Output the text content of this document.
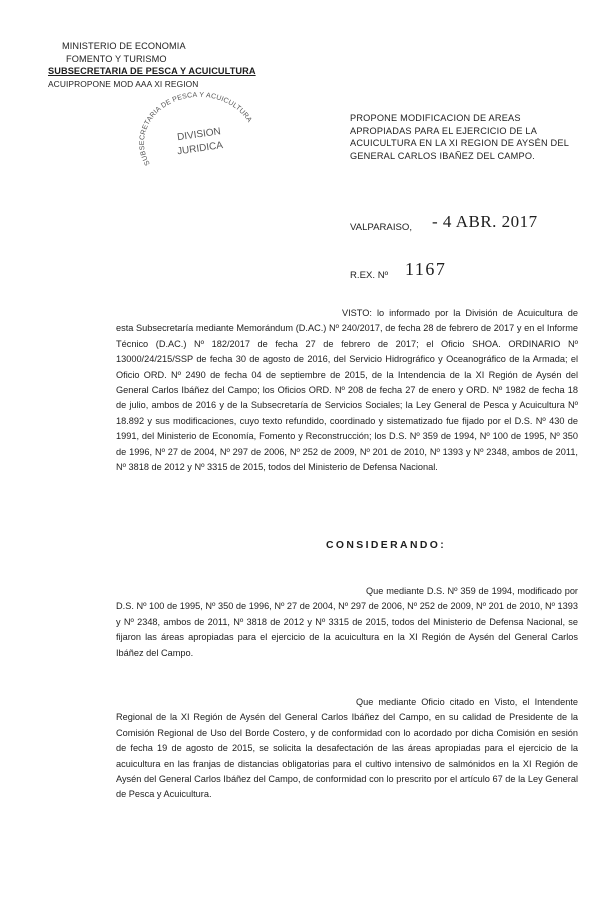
MINISTERIO DE ECONOMIA
FOMENTO Y TURISMO
SUBSECRETARIA DE PESCA Y ACUICULTURA
ACUIPROPONE MOD AAA XI REGION
SUBSECRETARIA DE PESCA Y ACUICULTURA
DIVISION
JURIDICA
PROPONE MODIFICACION DE AREAS APROPIADAS PARA EL EJERCICIO DE LA ACUICULTURA EN LA XI REGION DE AYSÉN DEL GENERAL CARLOS IBAÑEZ DEL CAMPO.
VALPARAISO, - 4 ABR. 2017
R.EX. Nº 1167
VISTO: lo informado por la División de Acuicultura de esta Subsecretaría mediante Memorándum (D.AC.) Nº 240/2017, de fecha 28 de febrero de 2017 y en el Informe Técnico (D.AC.) Nº 182/2017 de fecha 27 de febrero de 2017; el Oficio SHOA. ORDINARIO Nº 13000/24/215/SSP de fecha 30 de agosto de 2016, del Servicio Hidrográfico y Oceanográfico de la Armada; el Oficio ORD. Nº 2490 de fecha 04 de septiembre de 2015, de la Intendencia de la XI Región de Aysén del General Carlos Ibáñez del Campo; los Oficios ORD. Nº 208 de fecha 27 de enero y ORD. Nº 1982 de fecha 18 de julio, ambos de 2016 y de la Subsecretaría de Servicios Sociales; la Ley General de Pesca y Acuicultura Nº 18.892 y sus modificaciones, cuyo texto refundido, coordinado y sistematizado fue fijado por el D.S. Nº 430 de 1991, del Ministerio de Economía, Fomento y Reconstrucción; los D.S. Nº 359 de 1994, Nº 100 de 1995, Nº 350 de 1996, Nº 27 de 2004, Nº 297 de 2006, Nº 252 de 2009, Nº 201 de 2010, Nº 1393 y Nº 2348, ambos de 2011, Nº 3818 de 2012 y Nº 3315 de 2015, todos del Ministerio de Defensa Nacional.
CONSIDERANDO:
Que mediante D.S. Nº 359 de 1994, modificado por D.S. Nº 100 de 1995, Nº 350 de 1996, Nº 27 de 2004, Nº 297 de 2006, Nº 252 de 2009, Nº 201 de 2010, Nº 1393 y Nº 2348, ambos de 2011, Nº 3818 de 2012 y Nº 3315 de 2015, todos del Ministerio de Defensa Nacional, se fijaron las áreas apropiadas para el ejercicio de la acuicultura en la XI Región de Aysén del General Carlos Ibáñez del Campo.
Que mediante Oficio citado en Visto, el Intendente Regional de la XI Región de Aysén del General Carlos Ibáñez del Campo, en su calidad de Presidente de la Comisión Regional de Uso del Borde Costero, y de conformidad con lo acordado por dicha Comisión en sesión de fecha 19 de agosto de 2015, se solicita la desafectación de las áreas apropiadas para el ejercicio de la acuicultura en las franjas de distancias obligatorias para el cultivo intensivo de salmónidos en la XI Región de Aysén del General Carlos Ibáñez del Campo, de conformidad con lo prescrito por el artículo 67 de la Ley General de Pesca y Acuicultura.
